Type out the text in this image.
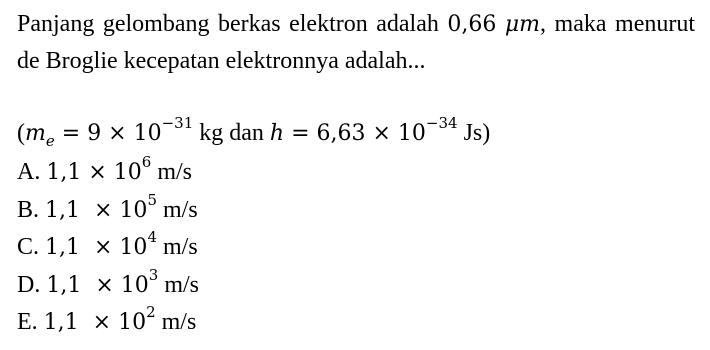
Panjang gelombang berkas elektron adalah 0,66 μm, maka menurut de Broglie kecepatan elektronnya adalah...

($m_e = 9 \times 10^{-31}$ kg dan $h = 6,63 \times 10^{-34}$ Js)

A. $1,1 \times 10^6$ m/s
B. $1,1 \times 10^5$ m/s
C. $1,1 \times 10^4$ m/s
D. $1,1 \times 10^3$ m/s
E. $1,1 \times 10^2$ m/s
